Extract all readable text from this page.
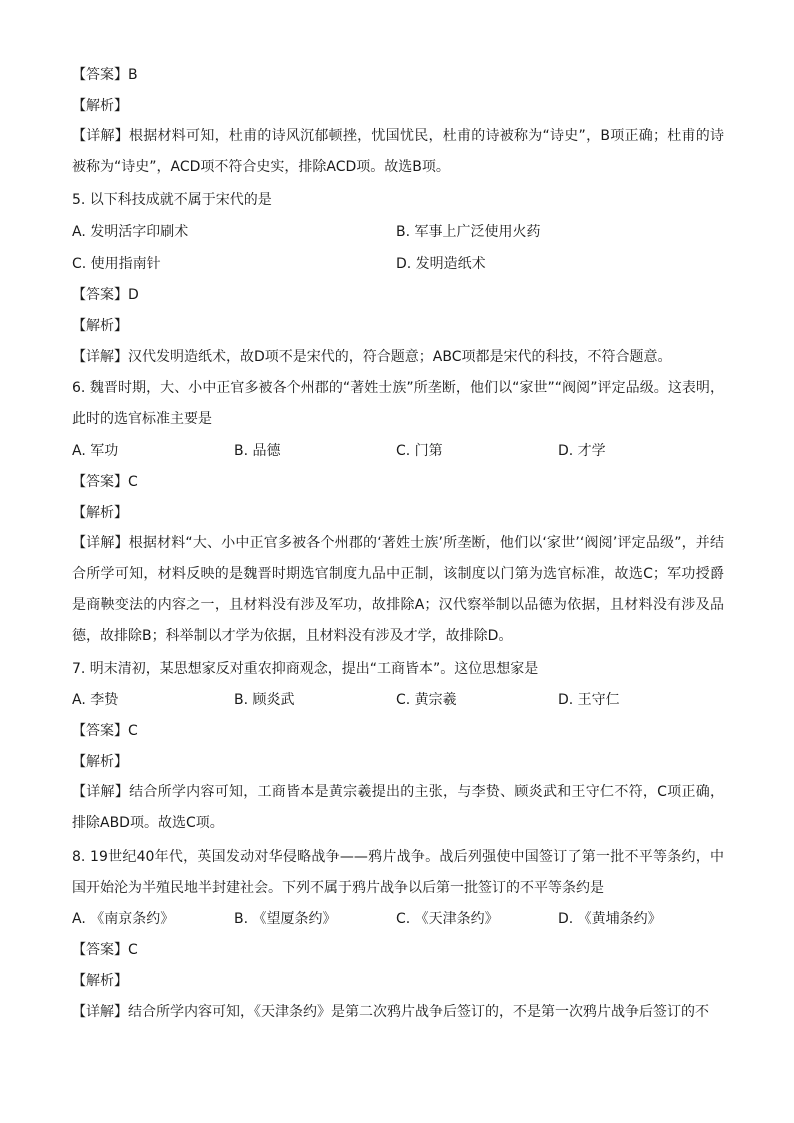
【答案】B
【解析】
【详解】根据材料可知，杜甫的诗风沉郁顿挫，忧国忧民，杜甫的诗被称为“诗史”，B项正确；杜甫的诗被称为“诗史”，ACD项不符合史实，排除ACD项。故选B项。
5. 以下科技成就不属于宋代的是
A. 发明活字印刷术	B. 军事上广泛使用火药
C. 使用指南针	D. 发明造纸术
【答案】D
【解析】
【详解】汉代发明造纸术，故D项不是宋代的，符合题意；ABC项都是宋代的科技，不符合题意。
6. 魏晋时期，大、小中正官多被各个州郡的“著姓士族”所垄断，他们以“家世”“阀阅”评定品级。这表明，此时的选官标准主要是
A. 军功	B. 品德	C. 门第	D. 才学
【答案】C
【解析】
【详解】根据材料“大、小中正官多被各个州郡的‘著姓士族’所垄断，他们以‘家世’‘阀阅’评定品级”，并结合所学可知，材料反映的是魏晋时期选官制度九品中正制，该制度以门第为选官标准，故选C；军功授爵是商鞅变法的内容之一，且材料没有涉及军功，故排除A；汉代察举制以品德为依据，且材料没有涉及品德，故排除B；科举制以才学为依据，且材料没有涉及才学，故排除D。
7. 明末清初，某思想家反对重农抑商观念，提出“工商皆本”。这位思想家是
A. 李贽	B. 顾炎武	C. 黄宗羲	D. 王守仁
【答案】C
【解析】
【详解】结合所学内容可知，工商皆本是黄宗羲提出的主张，与李贽、顾炎武和王守仁不符，C项正确，排除ABD项。故选C项。
8. 19世纪40年代，英国发动对华侵略战争——鸦片战争。战后列强使中国签订了第一批不平等条约，中国开始沦为半殖民地半封建社会。下列不属于鸦片战争以后第一批签订的不平等条约是
A. 《南京条约》	B. 《望厦条约》	C. 《天津条约》	D. 《黄埔条约》
【答案】C
【解析】
【详解】结合所学内容可知，《天津条约》是第二次鸦片战争后签订的，不是第一次鸦片战争后签订的不
